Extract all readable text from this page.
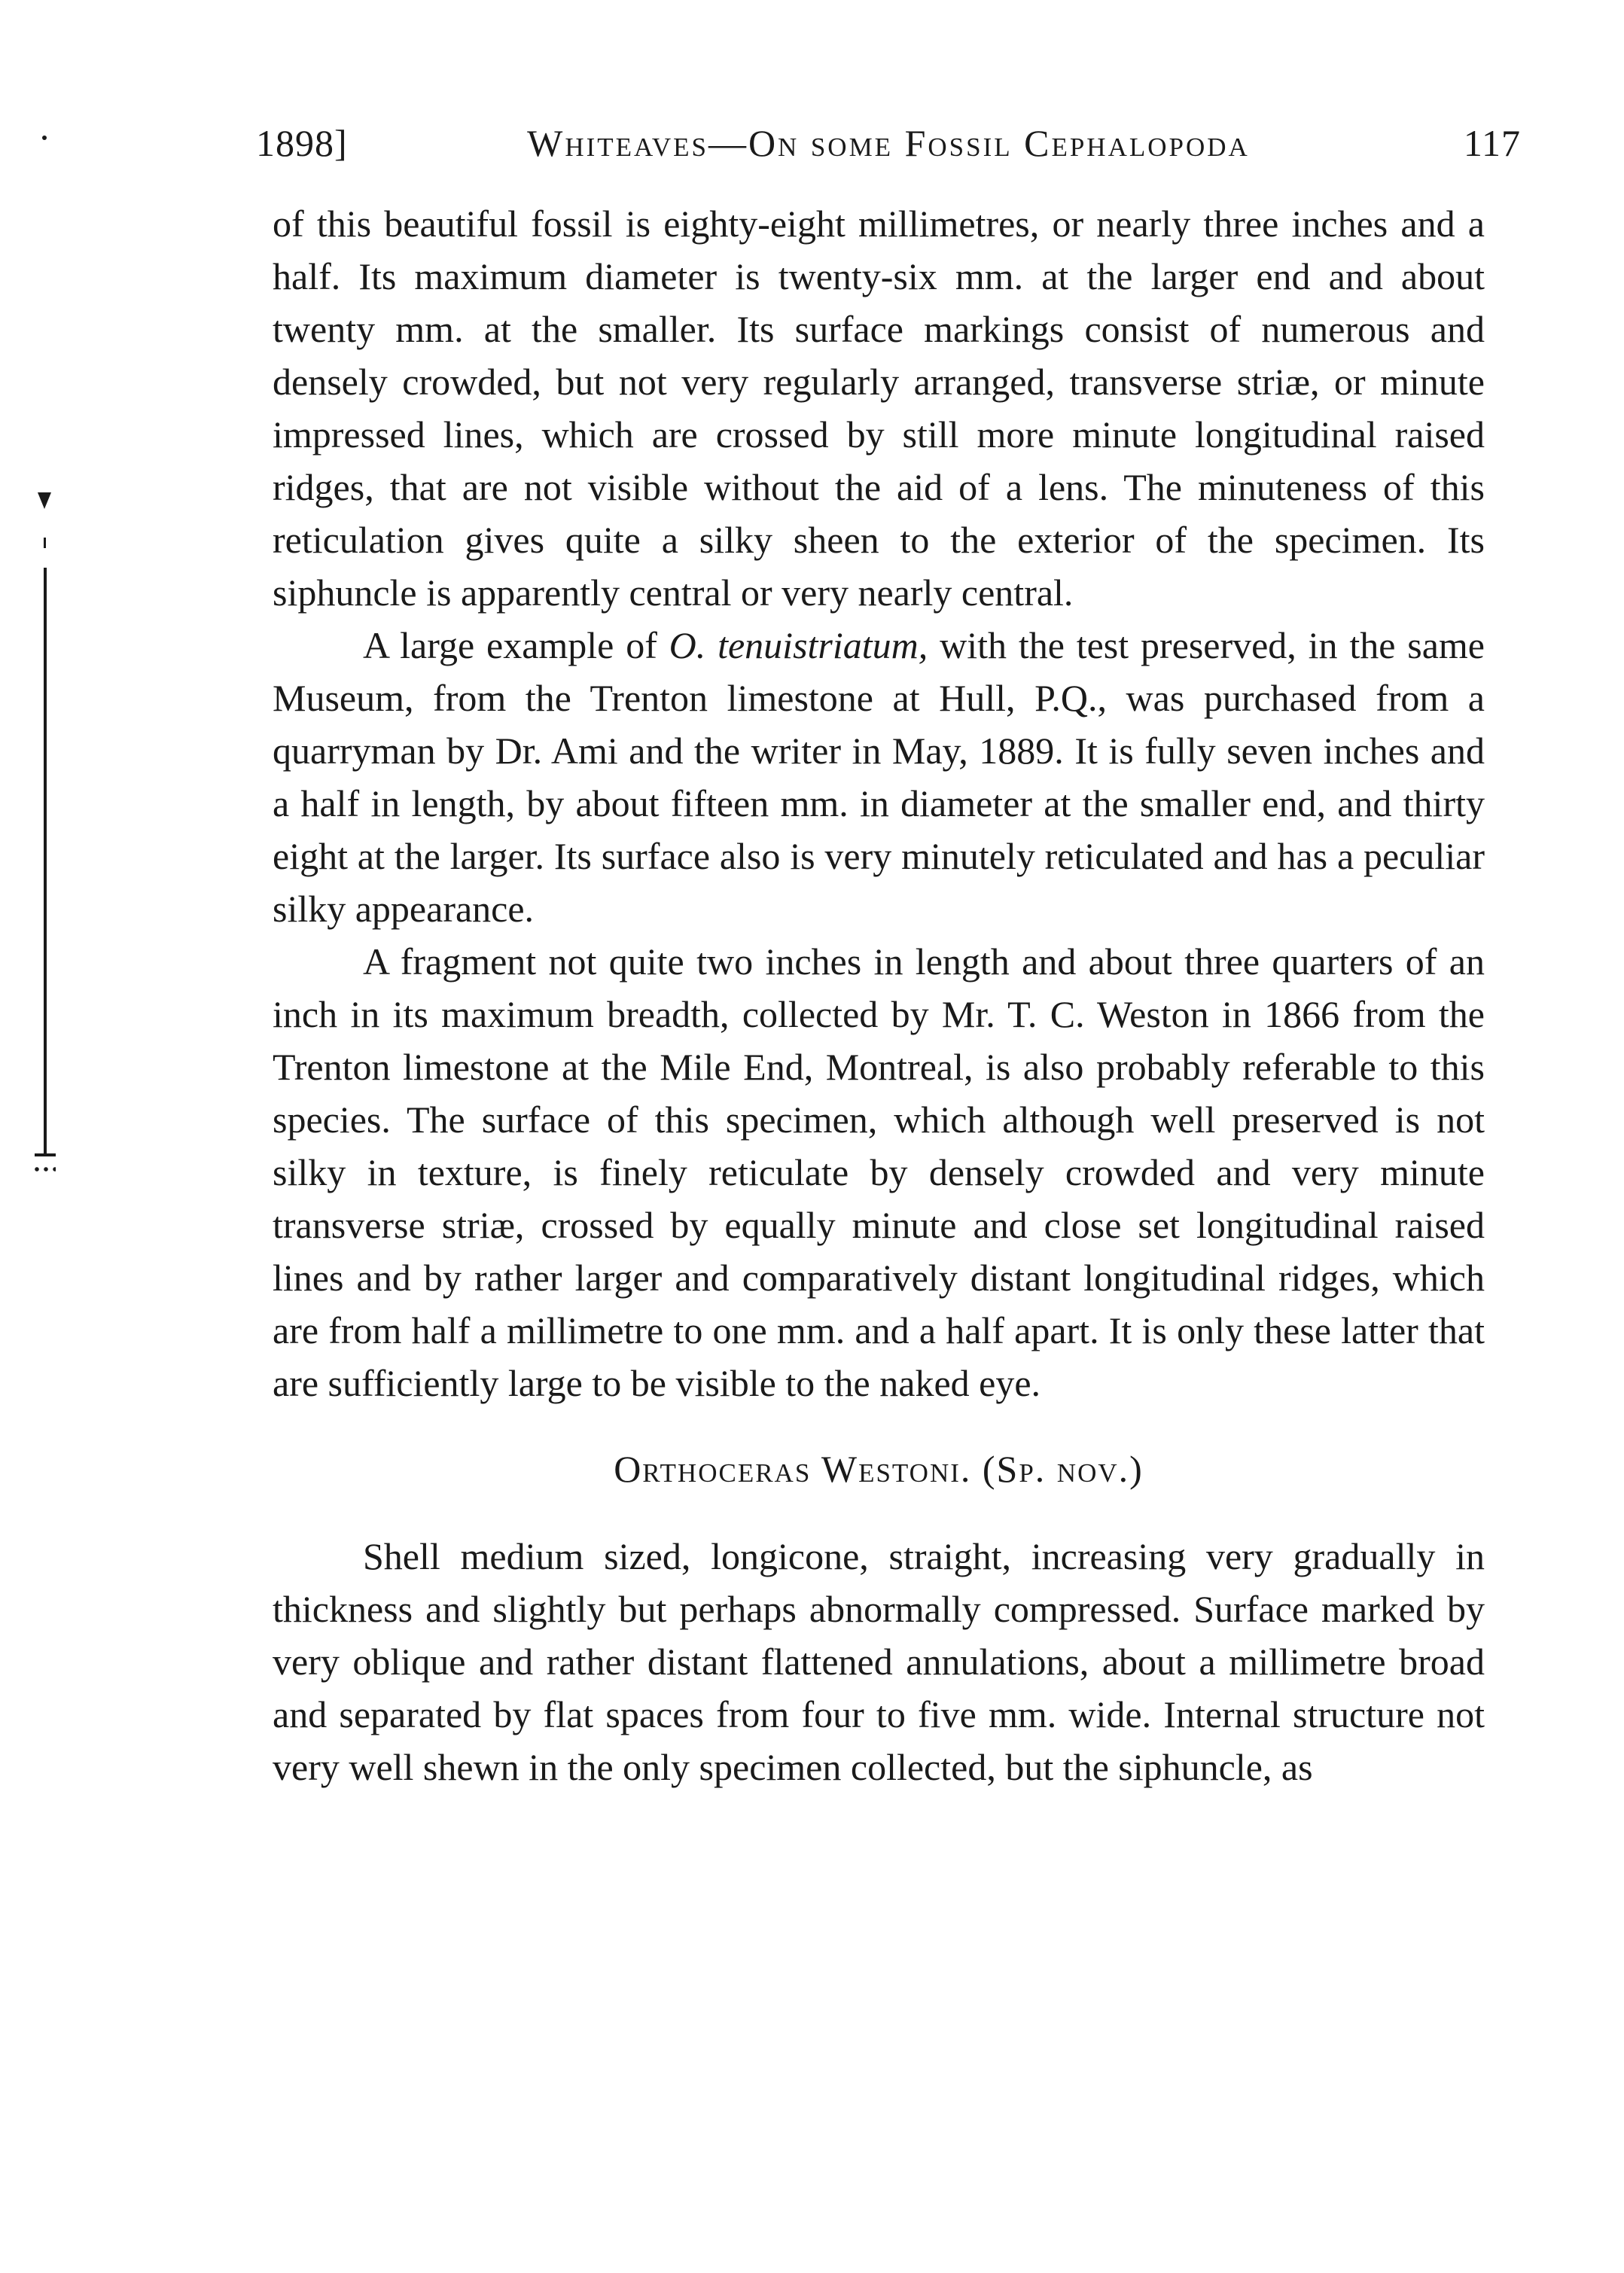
1898]	Whiteaves—On some Fossil Cephalopoda	117

of this beautiful fossil is eighty-eight millimetres, or nearly three inches and a half. Its maximum diameter is twenty-six mm. at the larger end and about twenty mm. at the smaller. Its surface markings consist of numerous and densely crowded, but not very regularly arranged, transverse striæ, or minute impressed lines, which are crossed by still more minute longitudinal raised ridges, that are not visible without the aid of a lens. The minuteness of this reticulation gives quite a silky sheen to the exterior of the specimen. Its siphuncle is apparently central or very nearly central.

A large example of O. tenuistriatum, with the test preserved, in the same Museum, from the Trenton limestone at Hull, P.Q., was purchased from a quarryman by Dr. Ami and the writer in May, 1889. It is fully seven inches and a half in length, by about fifteen mm. in diameter at the smaller end, and thirty eight at the larger. Its surface also is very minutely reticulated and has a peculiar silky appearance.

A fragment not quite two inches in length and about three quarters of an inch in its maximum breadth, collected by Mr. T. C. Weston in 1866 from the Trenton limestone at the Mile End, Montreal, is also probably referable to this species. The surface of this specimen, which although well preserved is not silky in texture, is finely reticulate by densely crowded and very minute transverse striæ, crossed by equally minute and close set longitudinal raised lines and by rather larger and comparatively distant longitudinal ridges, which are from half a millimetre to one mm. and a half apart. It is only these latter that are sufficiently large to be visible to the naked eye.

Orthoceras Westoni. (Sp. nov.)

Shell medium sized, longicone, straight, increasing very gradually in thickness and slightly but perhaps abnormally compressed. Surface marked by very oblique and rather distant flattened annulations, about a millimetre broad and separated by flat spaces from four to five mm. wide. Internal structure not very well shewn in the only specimen collected, but the siphuncle, as
